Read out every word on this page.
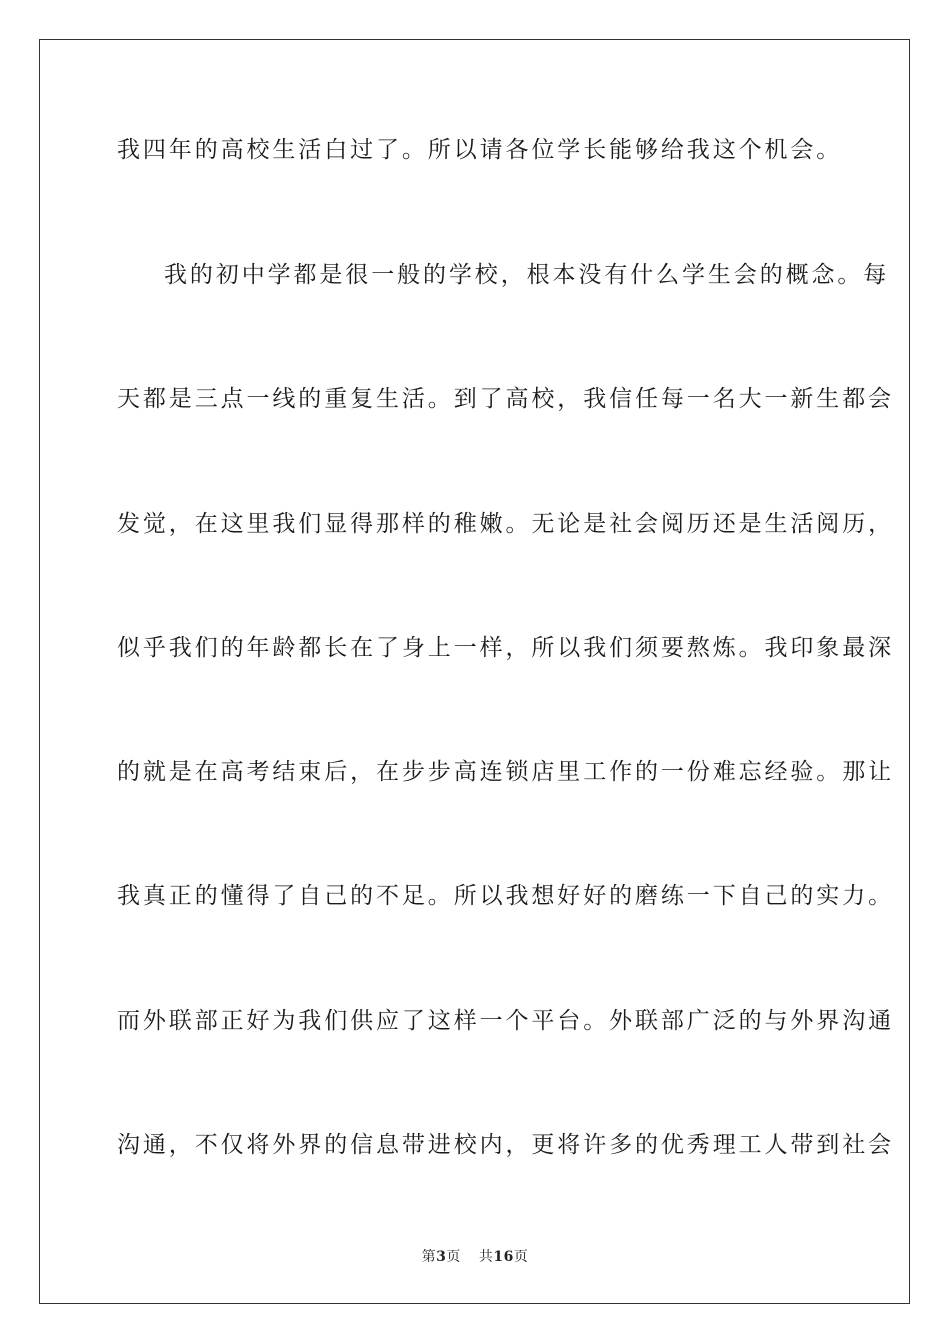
我四年的高校生活白过了。所以请各位学长能够给我这个机会。
我的初中学都是很一般的学校，根本没有什么学生会的概念。每
天都是三点一线的重复生活。到了高校，我信任每一名大一新生都会
发觉，在这里我们显得那样的稚嫩。无论是社会阅历还是生活阅历，
似乎我们的年龄都长在了身上一样，所以我们须要熬炼。我印象最深
的就是在高考结束后，在步步高连锁店里工作的一份难忘经验。那让
我真正的懂得了自己的不足。所以我想好好的磨练一下自己的实力。
而外联部正好为我们供应了这样一个平台。外联部广泛的与外界沟通
沟通，不仅将外界的信息带进校内，更将许多的优秀理工人带到社会
第3页 共16页
